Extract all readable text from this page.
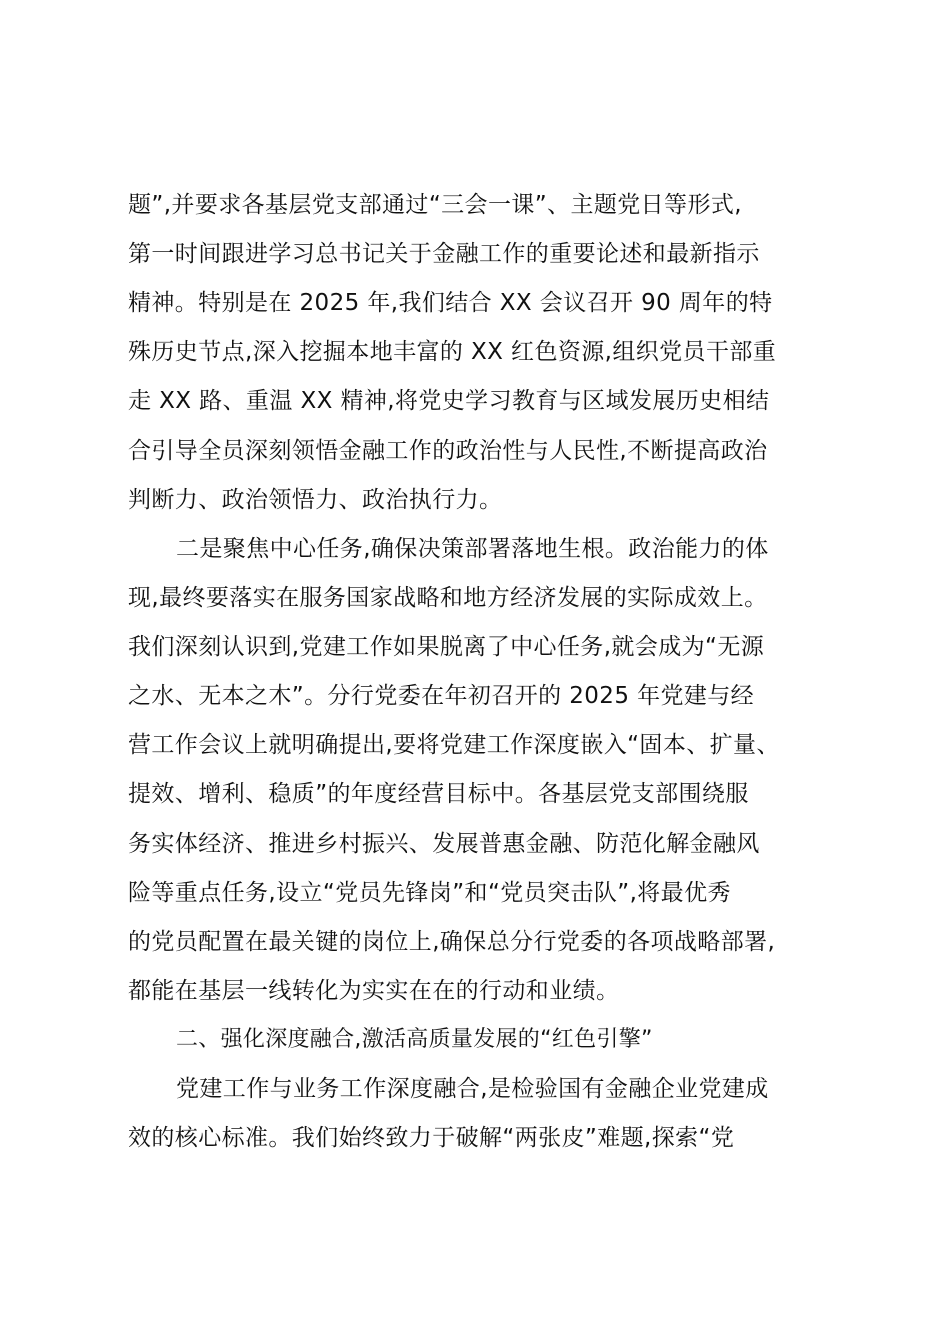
题”,并要求各基层党支部通过“三会一课”、主题党日等形式,
第一时间跟进学习总书记关于金融工作的重要论述和最新指示
精神。特别是在 2025 年,我们结合 XX 会议召开 90 周年的特
殊历史节点,深入挖掘本地丰富的 XX 红色资源,组织党员干部重
走 XX 路、重温 XX 精神,将党史学习教育与区域发展历史相结
合引导全员深刻领悟金融工作的政治性与人民性,不断提高政治
判断力、政治领悟力、政治执行力。
二是聚焦中心任务,确保决策部署落地生根。政治能力的体
现,最终要落实在服务国家战略和地方经济发展的实际成效上。
我们深刻认识到,党建工作如果脱离了中心任务,就会成为“无源
之水、无本之木”。分行党委在年初召开的 2025 年党建与经
营工作会议上就明确提出,要将党建工作深度嵌入“固本、扩量、
提效、增利、稳质”的年度经营目标中。各基层党支部围绕服
务实体经济、推进乡村振兴、发展普惠金融、防范化解金融风
险等重点任务,设立“党员先锋岗”和“党员突击队”,将最优秀
的党员配置在最关键的岗位上,确保总分行党委的各项战略部署,
都能在基层一线转化为实实在在的行动和业绩。
二、强化深度融合,激活高质量发展的“红色引擎”
党建工作与业务工作深度融合,是检验国有金融企业党建成
效的核心标准。我们始终致力于破解“两张皮”难题,探索“党
